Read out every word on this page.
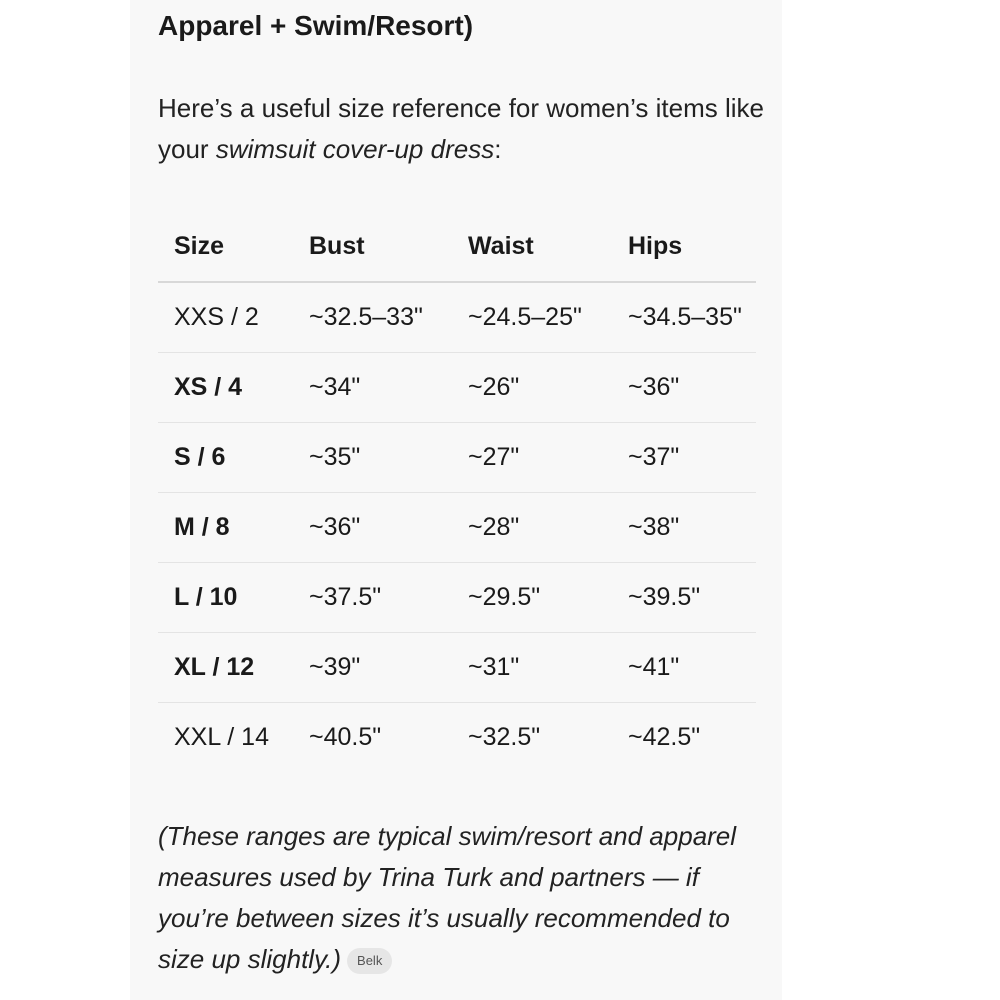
Apparel + Swim/Resort)

Here’s a useful size reference for women’s items like your swimsuit cover-up dress:

Size	Bust	Waist	Hips
XXS / 2	~32.5–33"	~24.5–25"	~34.5–35"
XS / 4	~34"	~26"	~36"
S / 6	~35"	~27"	~37"
M / 8	~36"	~28"	~38"
L / 10	~37.5"	~29.5"	~39.5"
XL / 12	~39"	~31"	~41"
XXL / 14	~40.5"	~32.5"	~42.5"

(These ranges are typical swim/resort and apparel measures used by Trina Turk and partners — if you’re between sizes it’s usually recommended to size up slightly.) Belk
